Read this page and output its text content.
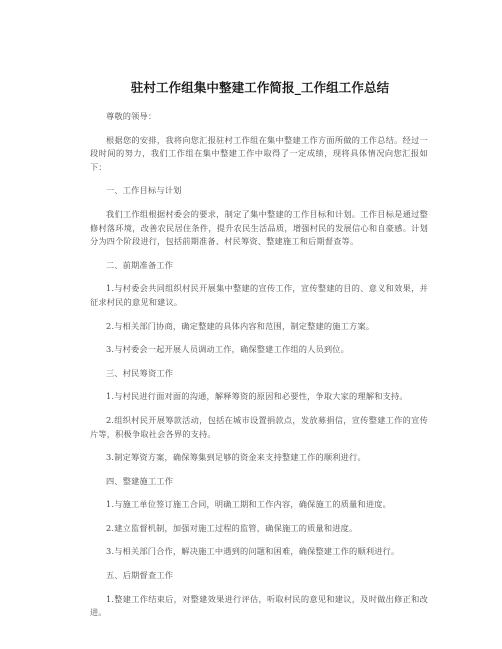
驻村工作组集中整建工作简报_工作组工作总结

尊敬的领导：

根据您的安排，我将向您汇报驻村工作组在集中整建工作方面所做的工作总结。经过一段时间的努力，我们工作组在集中整建工作中取得了一定成绩，现将具体情况向您汇报如下：

一、工作目标与计划

我们工作组根据村委会的要求，制定了集中整建的工作目标和计划。工作目标是通过整修村落环境，改善农民居住条件，提升农民生活品质，增强村民的发展信心和自豪感。计划分为四个阶段进行，包括前期准备、村民筹资、整建施工和后期督查等。

二、前期准备工作

1.与村委会共同组织村民开展集中整建的宣传工作，宣传整建的目的、意义和效果，并征求村民的意见和建议。

2.与相关部门协商，确定整建的具体内容和范围，制定整建的施工方案。

3.与村委会一起开展人员调动工作，确保整建工作组的人员到位。

三、村民筹资工作

1.与村民进行面对面的沟通，解释筹资的原因和必要性，争取大家的理解和支持。

2.组织村民开展筹款活动，包括在城市设置捐款点，发放募捐信，宣传整建工作的宣传片等，积极争取社会各界的支持。

3.制定筹资方案，确保筹集到足够的资金来支持整建工作的顺利进行。

四、整建施工工作

1.与施工单位签订施工合同，明确工期和工作内容，确保施工的质量和进度。

2.建立监督机制，加强对施工过程的监管，确保施工的质量和进度。

3.与相关部门合作，解决施工中遇到的问题和困难，确保整建工作的顺利进行。

五、后期督查工作

1.整建工作结束后，对整建效果进行评估，听取村民的意见和建议，及时做出修正和改进。
